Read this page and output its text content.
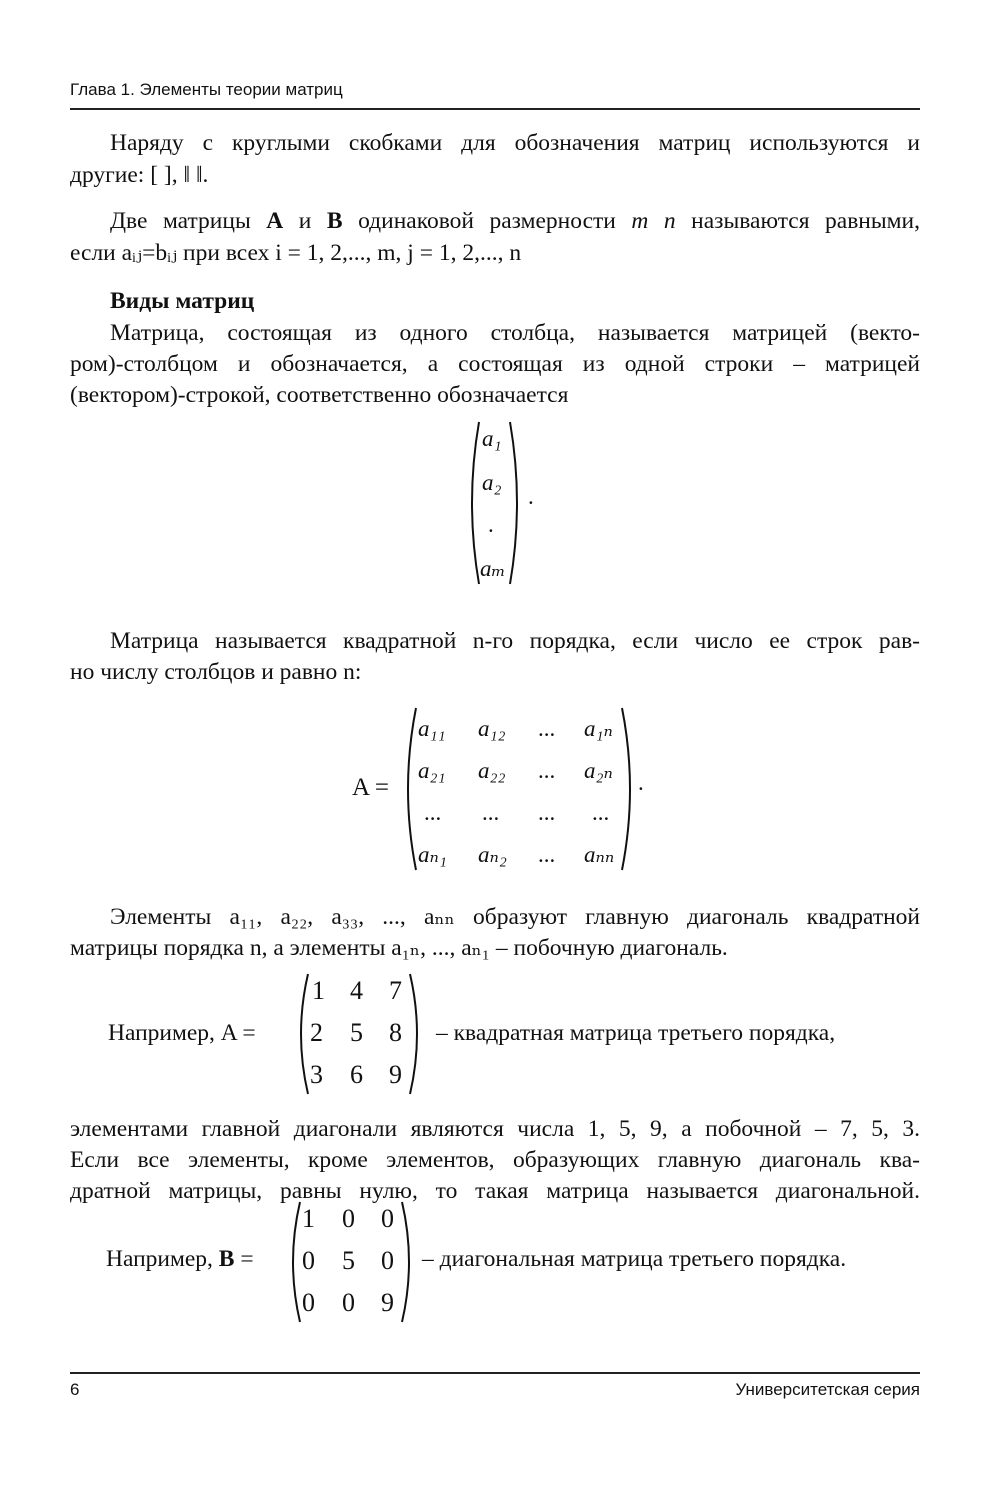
Глава 1. Элементы теории матриц
Наряду с круглыми скобками для обозначения матриц используются и
другие: [ ], ‖ ‖.
Две матрицы A и B одинаковой размерности m n называются равными,
если aᵢⱼ=bᵢⱼ при всех i = 1, 2,..., m, j = 1, 2,..., n
Виды матриц
Матрица, состоящая из одного столбца, называется матрицей (векто-
ром)-столбцом и обозначается, а состоящая из одной строки – матрицей
(вектором)-строкой, соответственно обозначается
a₁
a₂
.
aₘ
.
Матрица называется квадратной n-го порядка, если число ее строк рав-
но числу столбцов и равно n:
A =
a₁₁ a₁₂ ... a₁ₙ
a₂₁ a₂₂ ... a₂ₙ
... ... ... ...
aₙ₁ aₙ₂ ... aₙₙ
.
Элементы a₁₁, a₂₂, a₃₃, ..., aₙₙ образуют главную диагональ квадратной
матрицы порядка n, а элементы a₁ₙ, ..., aₙ₁ – побочную диагональ.
Например, A =
1 4 7
2 5 8
3 6 9
– квадратная матрица третьего порядка,
элементами главной диагонали являются числа 1, 5, 9, а побочной – 7, 5, 3.
Если все элементы, кроме элементов, образующих главную диагональ ква-
дратной матрицы, равны нулю, то такая матрица называется диагональной.
Например, B =
1 0 0
0 5 0
0 0 9
– диагональная матрица третьего порядка.
6	Университетская серия
